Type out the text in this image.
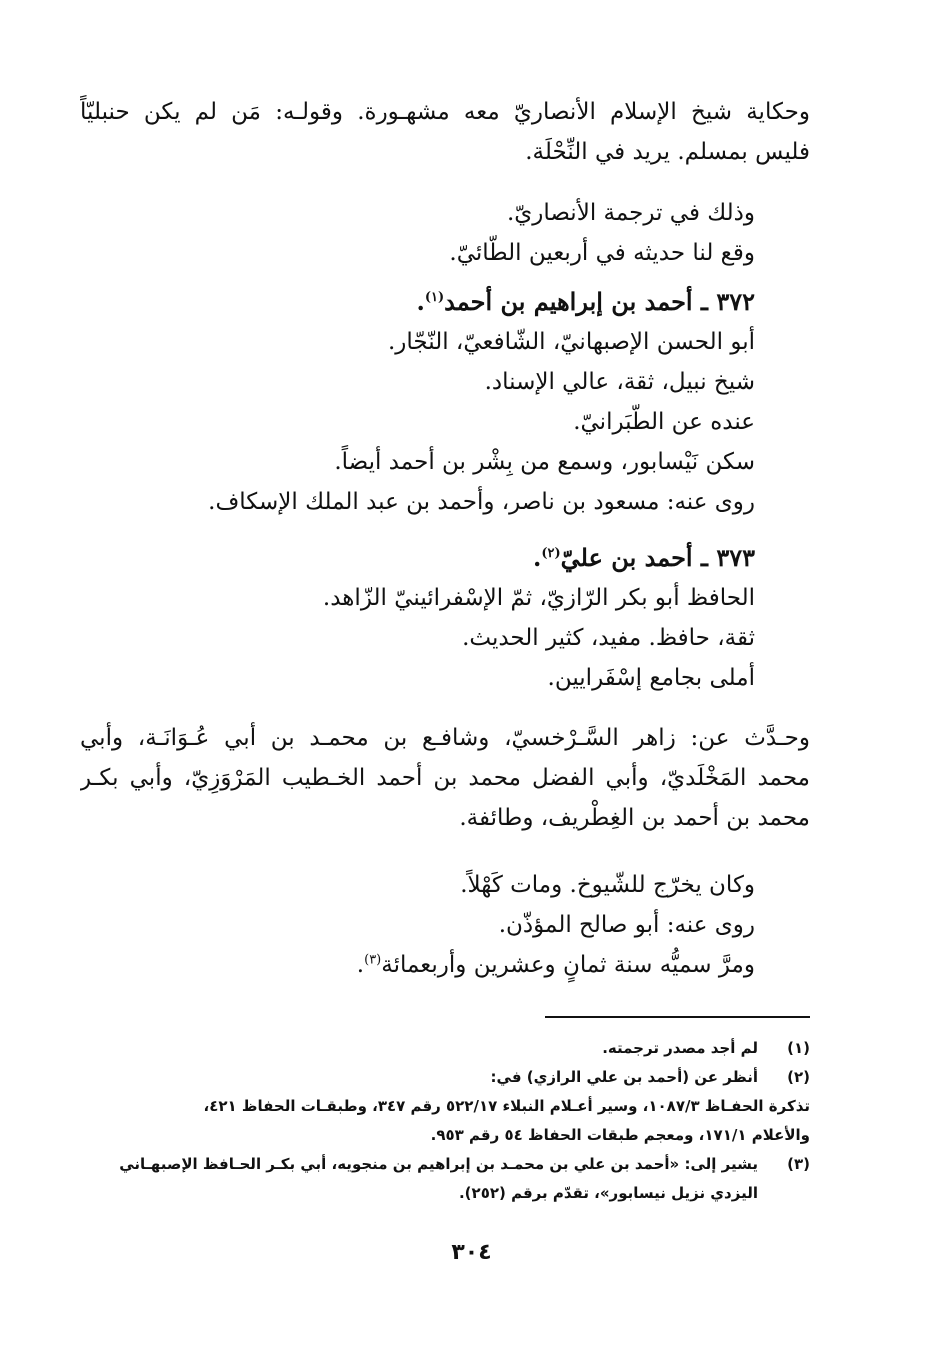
وحكاية شيخ الإسلام الأنصاريّ معه مشهـورة. وقولـه: مَن لم يكن حنبليّاً
فليس بمسلم. يريد في النِّحْلَة.
وذلك في ترجمة الأنصاريّ.
وقع لنا حديثه في أربعين الطّائيّ.
٣٧٢ ـ أحمد بن إبراهيم بن أحمد$^{(١)}$.
أبو الحسن الإصبهانيّ، الشّافعيّ، النّجّار.
شيخ نبيل، ثقة، عالي الإسناد.
عنده عن الطّبَرانيّ.
سكن نَيْسابور، وسمع من بِشْر بن أحمد أيضاً.
روى عنه: مسعود بن ناصر، وأحمد بن عبد الملك الإسكاف.
٣٧٣ ـ أحمد بن عليّ$^{(٢)}$.
الحافظ أبو بكر الرّازيّ، ثمّ الإسْفرائينيّ الزّاهد.
ثقة، حافظ. مفيد، كثير الحديث.
أملى بجامع إسْفَرايين.
وحـدَّث عن: زاهر السَّـرْخسيّ، وشافـع بن محمـد بن أبي عُـوَانَـة، وأبي
محمد المَخْلَديّ، وأبي الفضل محمد بن أحمد الخـطيب المَرْوَزِيّ، وأبي بكـر
محمد بن أحمد بن الغِطْريف، وطائفة.
وكان يخرّج للشّيوخ. ومات كَهْلاً.
روى عنه: أبو صالح المؤذّن.
ومرَّ سميُّه سنة ثمانٍ وعشرين وأربعمائة$^{(٣)}$.
(١)
لم أجد مصدر ترجمته.
(٢)
أنظر عن (أحمد بن علي الرازي) في:
تذكرة الحفـاظ ١٠٨٧/٣، وسير أعـلام النبلاء ٥٢٢/١٧ رقم ٣٤٧، وطبقـات الحفاظ ٤٢١،
والأعلام ١٧١/١، ومعجم طبقات الحفاظ ٥٤ رقم ٩٥٣.
(٣)
يشير إلى: «أحمد بن علي بن محمـد بن إبراهيم بن منجويه، أبي بكـر الحـافظ الإصبهـاني
اليزدي نزيل نيسابور»، تقدّم برقم (٢٥٢).
٣٠٤
